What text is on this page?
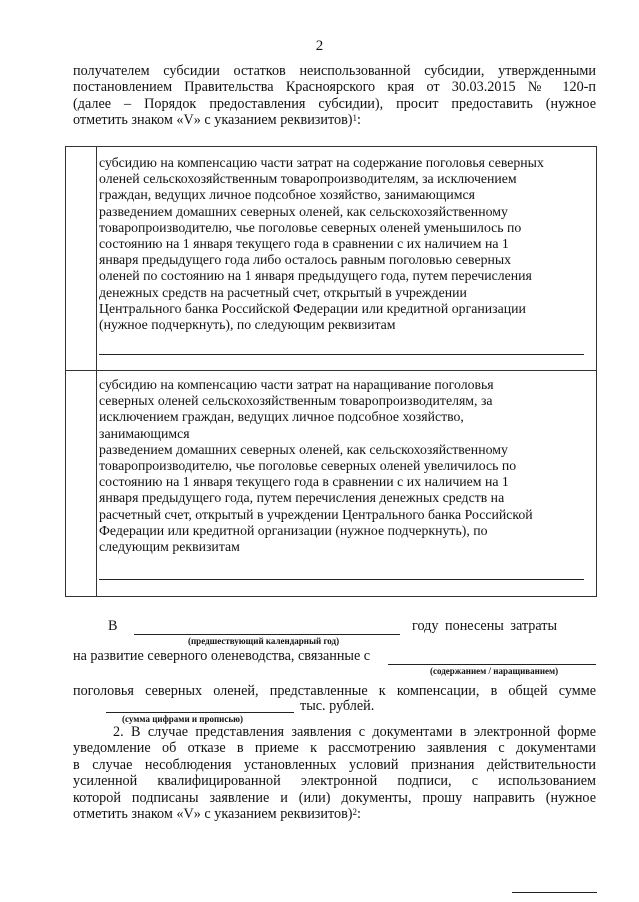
2
получателем субсидии остатков неиспользованной субсидии, утвержденными
постановлением Правительства Красноярского края от 30.03.2015 № 120-п
(далее – Порядок предоставления субсидии), просит предоставить (нужное
отметить знаком «V» с указанием реквизитов)$^1$:
субсидию на компенсацию части затрат на содержание поголовья северных
оленей сельскохозяйственным товаропроизводителям, за исключением
граждан, ведущих личное подсобное хозяйство, занимающимся
разведением домашних северных оленей, как сельскохозяйственному
товаропроизводителю, чье поголовье северных оленей уменьшилось по
состоянию на 1 января текущего года в сравнении с их наличием на 1
января предыдущего года либо осталось равным поголовью северных
оленей по состоянию на 1 января предыдущего года, путем перечисления
денежных средств на расчетный счет, открытый в учреждении
Центрального банка Российской Федерации или кредитной организации
(нужное подчеркнуть), по следующим реквизитам
субсидию на компенсацию части затрат на наращивание поголовья
северных оленей сельскохозяйственным товаропроизводителям, за
исключением граждан, ведущих личное подсобное хозяйство,
занимающимся
разведением домашних северных оленей, как сельскохозяйственному
товаропроизводителю, чье поголовье северных оленей увеличилось по
состоянию на 1 января текущего года в сравнении с их наличием на 1
января предыдущего года, путем перечисления денежных средств на
расчетный счет, открытый в учреждении Центрального банка Российской
Федерации или кредитной организации (нужное подчеркнуть), по
следующим реквизитам
В	году понесены затраты
(предшествующий календарный год)
на развитие северного оленеводства, связанные с
(содержанием / наращиванием)
поголовья северных оленей, представленные к компенсации, в общей сумме
тыс. рублей.
(сумма цифрами и прописью)
2. В случае представления заявления с документами в электронной форме
уведомление об отказе в приеме к рассмотрению заявления с документами
в случае несоблюдения установленных условий признания действительности
усиленной квалифицированной электронной подписи, с использованием
которой подписаны заявление и (или) документы, прошу направить (нужное
отметить знаком «V» с указанием реквизитов)$^2$:
